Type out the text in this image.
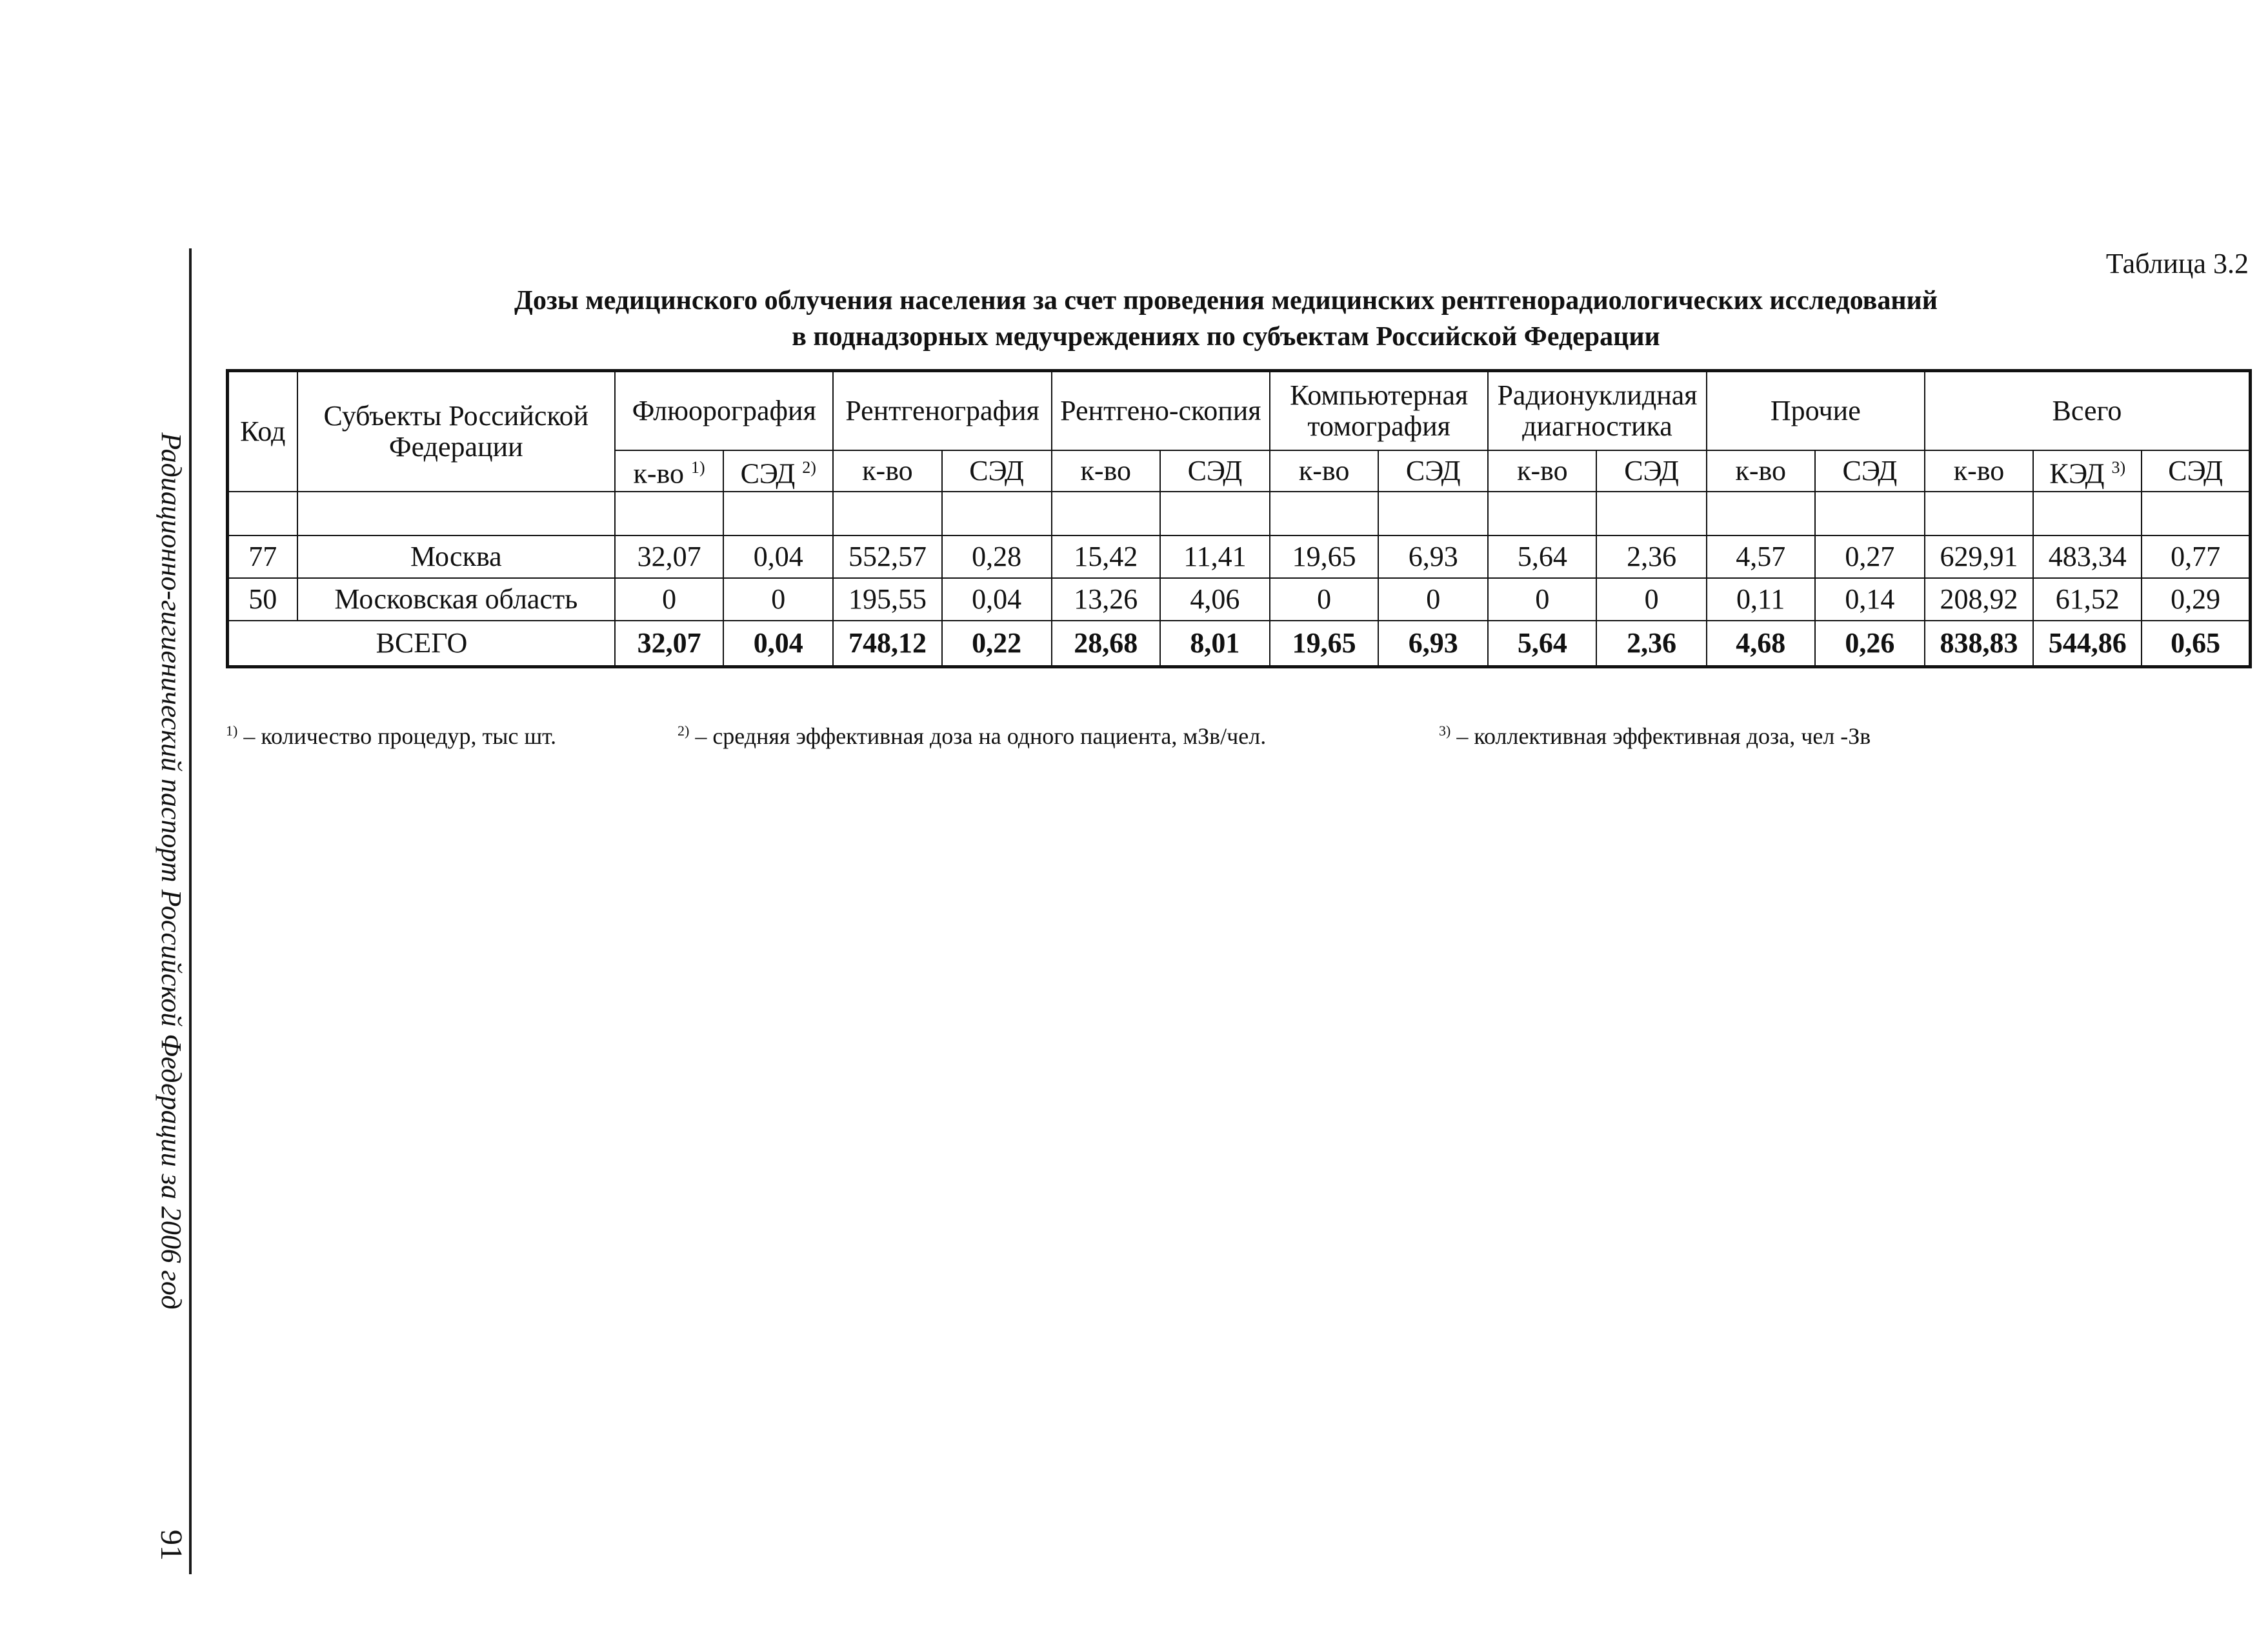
Радиационно-гигиенический паспорт Российской Федерации за 2006 год
91
Таблица 3.2
Дозы медицинского облучения населения за счет проведения медицинских рентгенорадиологических исследований
в поднадзорных медучреждениях по субъектам Российской Федерации
Код	Субъекты Российской Федерации	Флюорография		Рентгенография		Рентгено-скопия		Компьютерная томография		Радионуклидная диагностика		Прочие		Всего		
		к-во $^{1)}$	СЭД $^{2)}$	к-во	СЭД	к-во	СЭД	к-во	СЭД	к-во	СЭД	к-во	СЭД	к-во	КЭД $^{3)}$	СЭД

77	Москва	32,07	0,04	552,57	0,28	15,42	11,41	19,65	6,93	5,64	2,36	4,57	0,27	629,91	483,34	0,77
50	Московская область	0	0	195,55	0,04	13,26	4,06	0	0	0	0	0,11	0,14	208,92	61,52	0,29
ВСЕГО		32,07	0,04	748,12	0,22	28,68	8,01	19,65	6,93	5,64	2,36	4,68	0,26	838,83	544,86	0,65
$^{1)}$ – количество процедур, тыс шт.	$^{2)}$ – средняя эффективная доза на одного пациента, мЗв/чел.	$^{3)}$ – коллективная эффективная доза, чел -Зв
